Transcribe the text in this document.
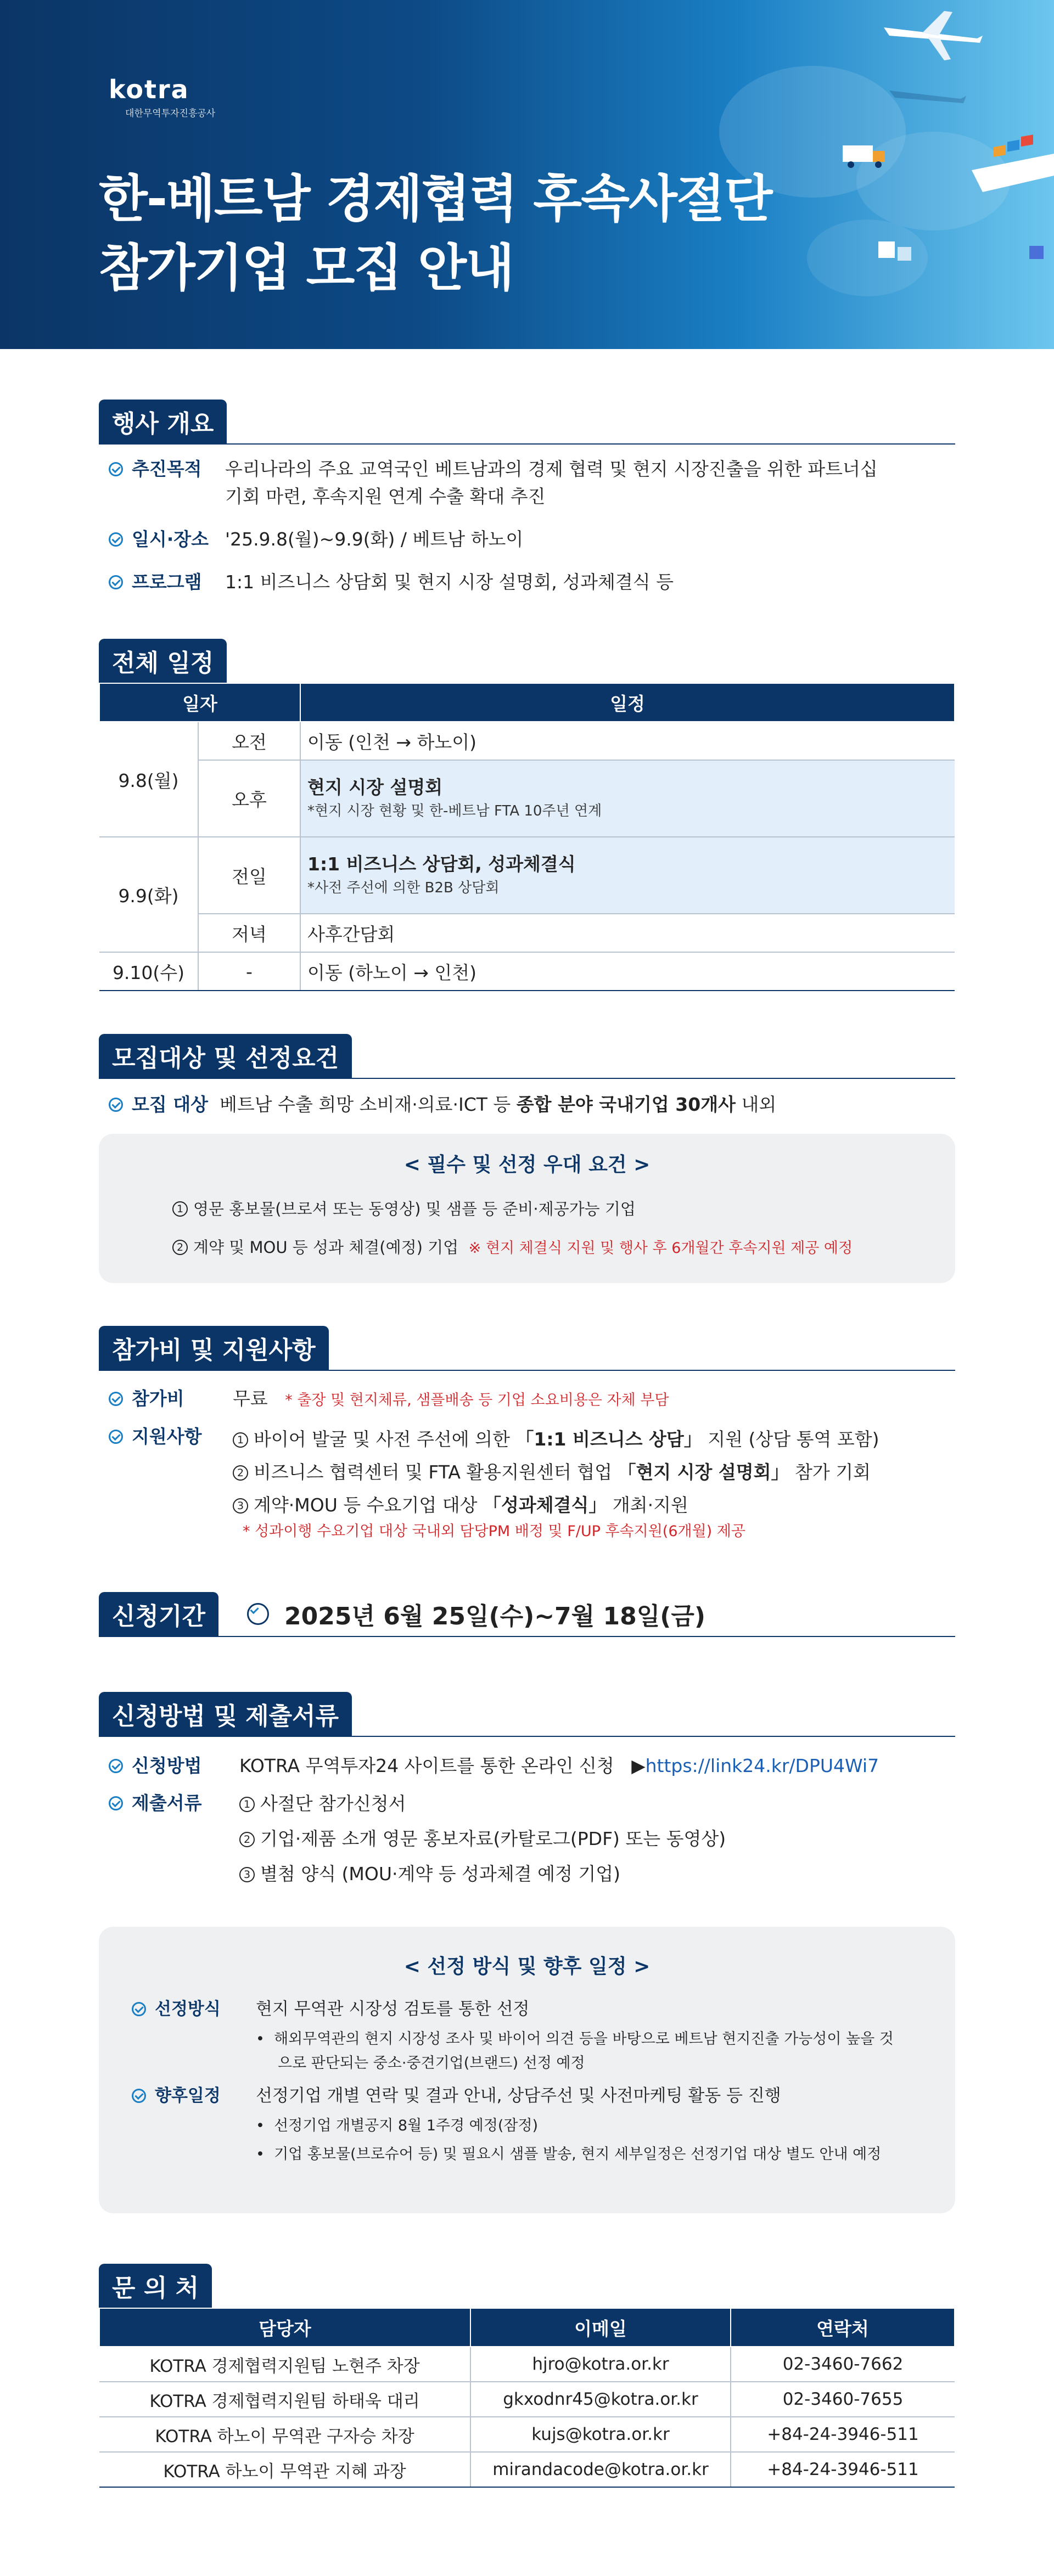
kotra
대한무역투자진흥공사
한-베트남 경제협력 후속사절단
참가기업 모집 안내
행사 개요
추진목적 우리나라의 주요 교역국인 베트남과의 경제 협력 및 현지 시장진출을 위한 파트너십
기회 마련, 후속지원 연계 수출 확대 추진
일시·장소 '25.9.8(월)~9.9(화) / 베트남 하노이
프로그램 1:1 비즈니스 상담회 및 현지 시장 설명회, 성과체결식 등
전체 일정
일자		일정
9.8(월)	오전	이동 (인천 → 하노이)
	오후	현지 시장 설명회
*현지 시장 현황 및 한-베트남 FTA 10주년 연계

9.9(화)	전일	1:1 비즈니스 상담회, 성과체결식
*사전 주선에 의한 B2B 상담회

	저녁	사후간담회
9.10(수)	-	이동 (하노이 → 인천)
모집대상 및 선정요건
모집 대상 베트남 수출 희망 소비재·의료·ICT 등 종합 분야 국내기업 30개사 내외
< 필수 및 선정 우대 요건 >
1 영문 홍보물(브로셔 또는 동영상) 및 샘플 등 준비·제공가능 기업
2 계약 및 MOU 등 성과 체결(예정) 기업 ※ 현지 체결식 지원 및 행사 후 6개월간 후속지원 제공 예정
참가비 및 지원사항
참가비	무료 * 출장 및 현지체류, 샘플배송 등 기업 소요비용은 자체 부담
지원사항	1 바이어 발굴 및 사전 주선에 의한 「1:1 비즈니스 상담」 지원 (상담 통역 포함)
2 비즈니스 협력센터 및 FTA 활용지원센터 협업 「현지 시장 설명회」 참가 기회
3 계약·MOU 등 수요기업 대상 「성과체결식」 개최·지원
* 성과이행 수요기업 대상 국내외 담당PM 배정 및 F/UP 후속지원(6개월) 제공
신청기간	2025년 6월 25일(수)~7월 18일(금)
신청방법 및 제출서류
신청방법 KOTRA 무역투자24 사이트를 통한 온라인 신청 ▶https://link24.kr/DPU4Wi7
제출서류	1 사절단 참가신청서
2 기업·제품 소개 영문 홍보자료(카탈로그(PDF) 또는 동영상)
3 별첨 양식 (MOU·계약 등 성과체결 예정 기업)
< 선정 방식 및 향후 일정 >
선정방식 현지 무역관 시장성 검토를 통한 선정
•  해외무역관의 현지 시장성 조사 및 바이어 의견 등을 바탕으로 베트남 현지진출 가능성이 높을 것
으로 판단되는 중소·중견기업(브랜드) 선정 예정
향후일정 선정기업 개별 연락 및 결과 안내, 상담주선 및 사전마케팅 활동 등 진행
•  선정기업 개별공지 8월 1주경 예정(잠정)
•  기업 홍보물(브로슈어 등) 및 필요시 샘플 발송, 현지 세부일정은 선정기업 대상 별도 안내 예정
문 의 처
담당자	이메일	연락처
KOTRA 경제협력지원팀 노현주 차장	hjro@kotra.or.kr	02-3460-7662
KOTRA 경제협력지원팀 하태욱 대리	gkxodnr45@kotra.or.kr	02-3460-7655
KOTRA 하노이 무역관 구자승 차장	kujs@kotra.or.kr	+84-24-3946-511
KOTRA 하노이 무역관 지혜 과장	mirandacode@kotra.or.kr	+84-24-3946-511
